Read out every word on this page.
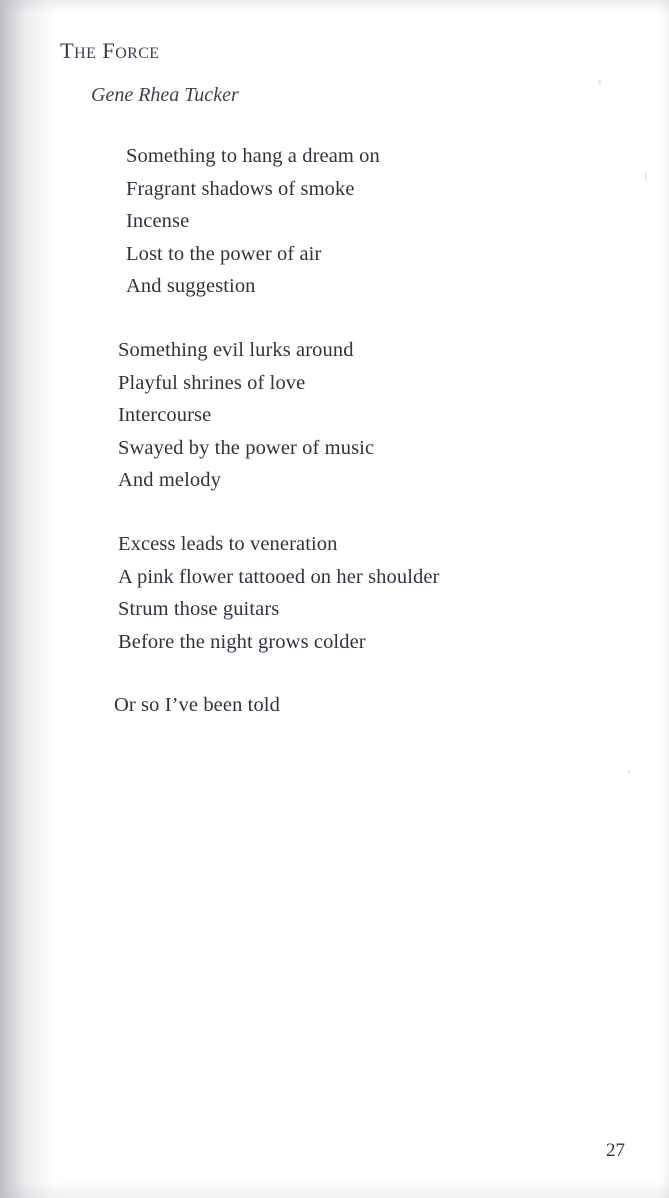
The Force
Gene Rhea Tucker
Something to hang a dream on
Fragrant shadows of smoke
Incense
Lost to the power of air
And suggestion
Something evil lurks around
Playful shrines of love
Intercourse
Swayed by the power of music
And melody
Excess leads to veneration
A pink flower tattooed on her shoulder
Strum those guitars
Before the night grows colder
Or so I’ve been told
27
